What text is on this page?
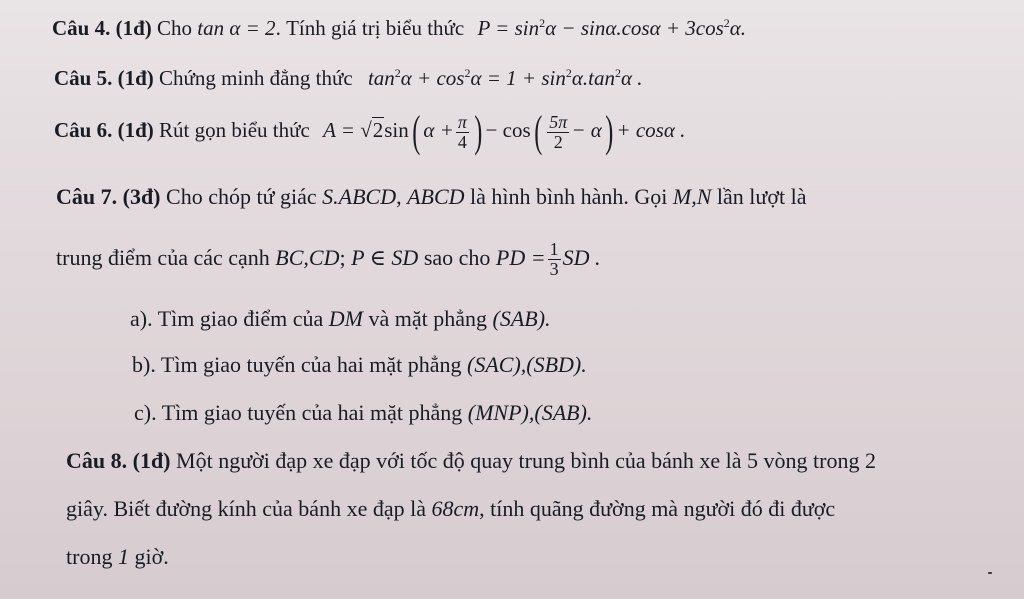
Câu 4. (1đ) Cho tan α = 2. Tính giá trị biểu thức $P = \sin^2\alpha - \sin\alpha.\cos\alpha + 3\cos^2\alpha$.
Câu 5. (1đ) Chứng minh đẳng thức $\tan^2\alpha + \cos^2\alpha = 1 + \sin^2\alpha.\tan^2\alpha$ .
Câu 6. (1đ) Rút gọn biểu thức A = √2sin( $\alpha + \frac{\pi}{4}$ ) − $\cos( \frac{5\pi}{2} - \alpha) + \cos\alpha$ .
Câu 7. (3đ) Cho chóp tứ giác S.ABCD, ABCD là hình bình hành. Gọi M,N lần lượt là
trung điểm của các cạnh BC,CD; P ∈ SD sao cho PD = $\frac{1}{3}$ SD .
a). Tìm giao điểm của DM và mặt phẳng (SAB).
b). Tìm giao tuyến của hai mặt phẳng (SAC),(SBD).
c). Tìm giao tuyến của hai mặt phẳng (MNP),(SAB).
Câu 8. (1đ) Một người đạp xe đạp với tốc độ quay trung bình của bánh xe là 5 vòng trong 2
giây. Biết đường kính của bánh xe đạp là 68cm, tính quãng đường mà người đó đi được
trong 1 giờ.
